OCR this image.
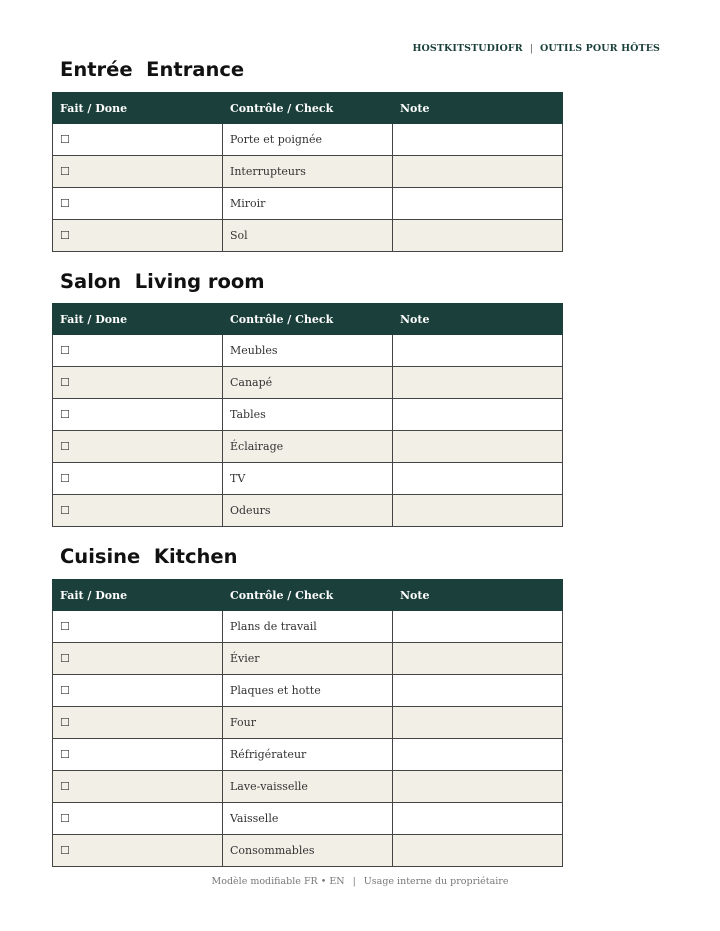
HOSTKITSTUDIOFR | OUTILS POUR HÔTES
Entrée  Entrance
Fait / Done	Contrôle / Check	Note
☐	Porte et poignée	
☐	Interrupteurs	
☐	Miroir	
☐	Sol	
Salon  Living room
Fait / Done	Contrôle / Check	Note
☐	Meubles	
☐	Canapé	
☐	Tables	
☐	Éclairage	
☐	TV	
☐	Odeurs	
Cuisine  Kitchen
Fait / Done	Contrôle / Check	Note
☐	Plans de travail	
☐	Évier	
☐	Plaques et hotte	
☐	Four	
☐	Réfrigérateur	
☐	Lave-vaisselle	
☐	Vaisselle	
☐	Consommables	
Modèle modifiable FR • EN | Usage interne du propriétaire
